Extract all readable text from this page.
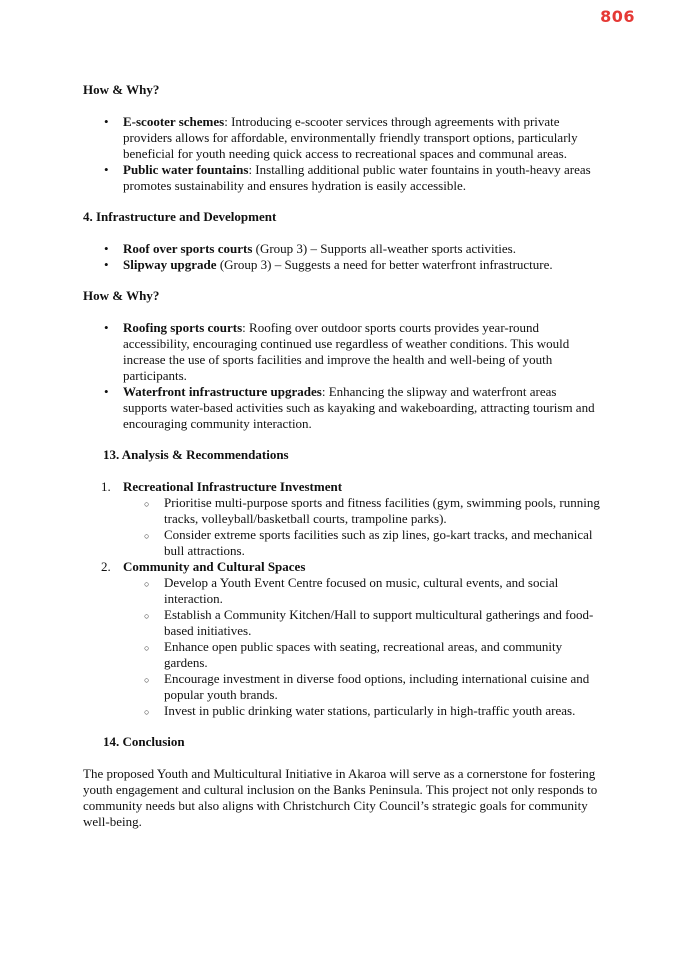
806
How & Why?
• E-scooter schemes: Introducing e-scooter services through agreements with private providers allows for affordable, environmentally friendly transport options, particularly beneficial for youth needing quick access to recreational spaces and communal areas.
• Public water fountains: Installing additional public water fountains in youth-heavy areas promotes sustainability and ensures hydration is easily accessible.
4. Infrastructure and Development
• Roof over sports courts (Group 3) – Supports all-weather sports activities.
• Slipway upgrade (Group 3) – Suggests a need for better waterfront infrastructure.
How & Why?
• Roofing sports courts: Roofing over outdoor sports courts provides year-round accessibility, encouraging continued use regardless of weather conditions. This would increase the use of sports facilities and improve the health and well-being of youth participants.
• Waterfront infrastructure upgrades: Enhancing the slipway and waterfront areas supports water-based activities such as kayaking and wakeboarding, attracting tourism and encouraging community interaction.
13. Analysis & Recommendations
1. Recreational Infrastructure Investment
○ Prioritise multi-purpose sports and fitness facilities (gym, swimming pools, running tracks, volleyball/basketball courts, trampoline parks).
○ Consider extreme sports facilities such as zip lines, go-kart tracks, and mechanical bull attractions.
2. Community and Cultural Spaces
○ Develop a Youth Event Centre focused on music, cultural events, and social interaction.
○ Establish a Community Kitchen/Hall to support multicultural gatherings and food-based initiatives.
○ Enhance open public spaces with seating, recreational areas, and community gardens.
○ Encourage investment in diverse food options, including international cuisine and popular youth brands.
○ Invest in public drinking water stations, particularly in high-traffic youth areas.
14. Conclusion

The proposed Youth and Multicultural Initiative in Akaroa will serve as a cornerstone for fostering youth engagement and cultural inclusion on the Banks Peninsula. This project not only responds to community needs but also aligns with Christchurch City Council’s strategic goals for community well-being.
